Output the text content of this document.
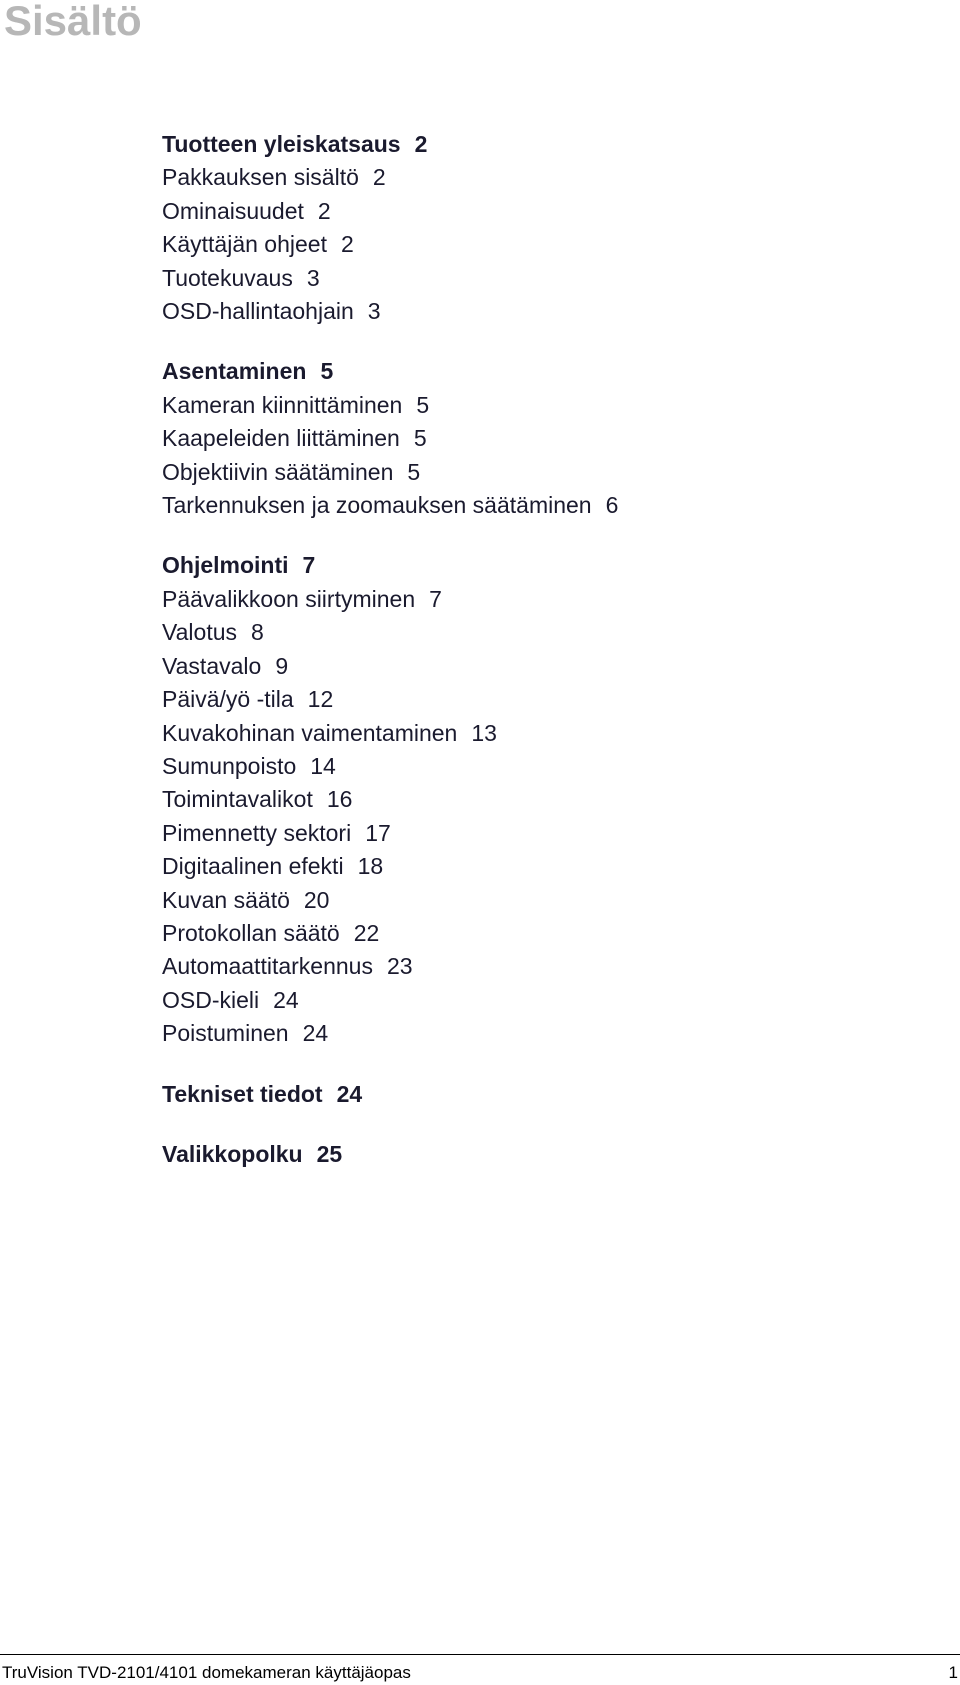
Sisältö
Tuotteen yleiskatsaus 2
Pakkauksen sisältö 2
Ominaisuudet 2
Käyttäjän ohjeet 2
Tuotekuvaus 3
OSD-hallintaohjain 3
Asentaminen 5
Kameran kiinnittäminen 5
Kaapeleiden liittäminen 5
Objektiivin säätäminen 5
Tarkennuksen ja zoomauksen säätäminen 6
Ohjelmointi 7
Päävalikkoon siirtyminen 7
Valotus 8
Vastavalo 9
Päivä/yö -tila 12
Kuvakohinan vaimentaminen 13
Sumunpoisto 14
Toimintavalikot 16
Pimennetty sektori 17
Digitaalinen efekti 18
Kuvan säätö 20
Protokollan säätö 22
Automaattitarkennus 23
OSD-kieli 24
Poistuminen 24
Tekniset tiedot 24
Valikkopolku 25
TruVision TVD-2101/4101 domekameran käyttäjäopas	1
